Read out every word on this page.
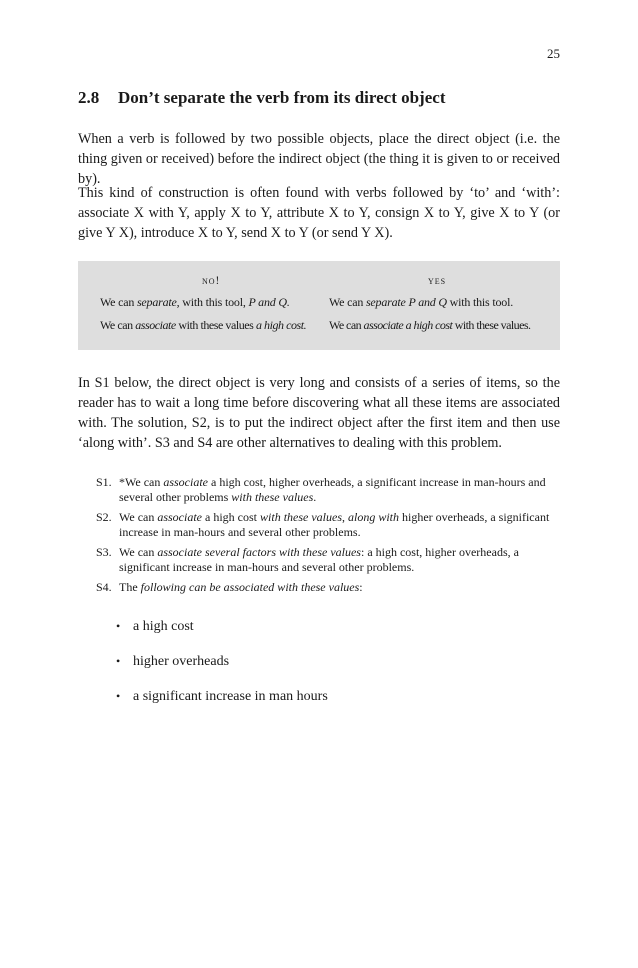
25
2.8 Don’t separate the verb from its direct object

When a verb is followed by two possible objects, place the direct object (i.e. the thing given or received) before the indirect object (the thing it is given to or received by).

This kind of construction is often found with verbs followed by ‘to’ and ‘with’: associate X with Y, apply X to Y, attribute X to Y, consign X to Y, give X to Y (or give Y X), introduce X to Y, send X to Y (or send Y X).

no!	yes
We can separate, with this tool, P and Q.	We can separate P and Q with this tool.
We can associate with these values a high cost. We can associate a high cost with these values.

In S1 below, the direct object is very long and consists of a series of items, so the reader has to wait a long time before discovering what all these items are associated with. The solution, S2, is to put the indirect object after the first item and then use ‘along with’. S3 and S4 are other alternatives to dealing with this problem.

S1. *We can associate a high cost, higher overheads, a significant increase in man-hours and several other problems with these values.
S2. We can associate a high cost with these values, along with higher overheads, a significant increase in man-hours and several other problems.
S3. We can associate several factors with these values: a high cost, higher overheads, a significant increase in man-hours and several other problems.
S4. The following can be associated with these values:
• a high cost
• higher overheads
• a significant increase in man hours
